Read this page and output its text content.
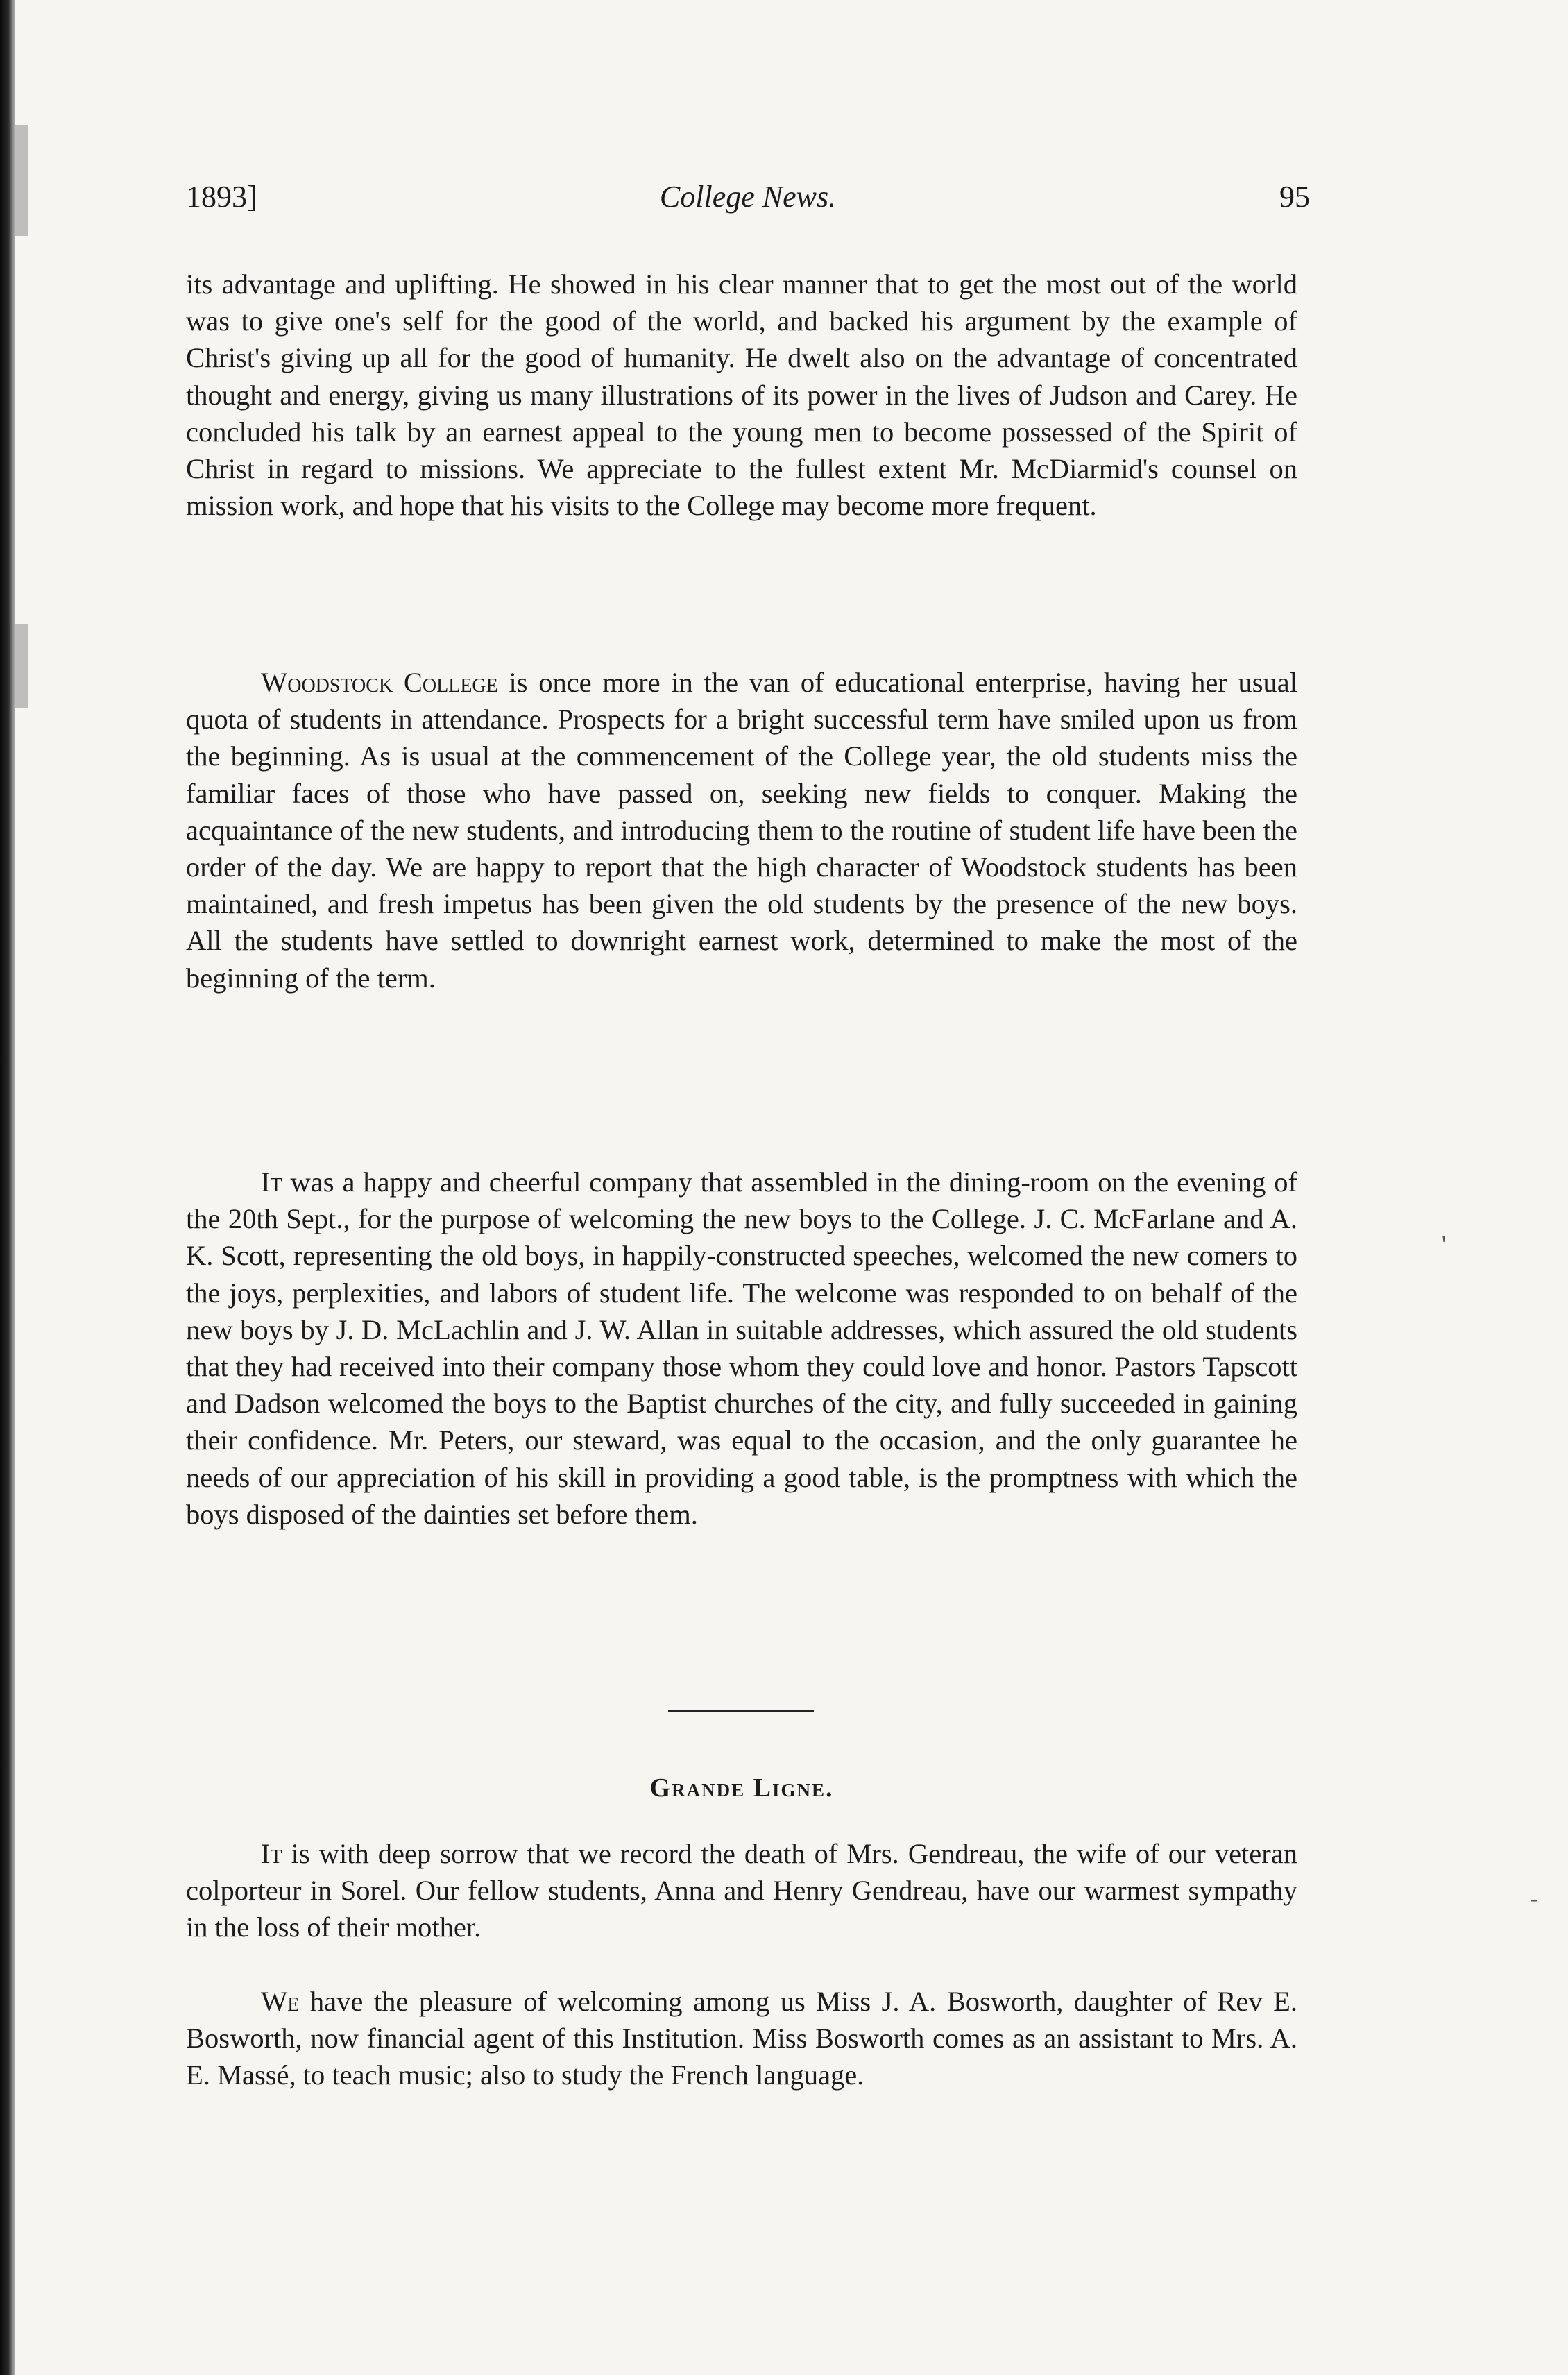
1893]	College News.	95

its advantage and uplifting. He showed in his clear manner that to get the most out of the world was to give one's self for the good of the world, and backed his argument by the example of Christ's giving up all for the good of humanity. He dwelt also on the advantage of concentrated thought and energy, giving us many illustrations of its power in the lives of Judson and Carey. He concluded his talk by an earnest appeal to the young men to become possessed of the Spirit of Christ in regard to missions. We appreciate to the fullest extent Mr. McDiarmid's counsel on mission work, and hope that his visits to the College may become more frequent.

Woodstock College is once more in the van of educational enterprise, having her usual quota of students in attendance. Prospects for a bright successful term have smiled upon us from the beginning. As is usual at the commencement of the College year, the old students miss the familiar faces of those who have passed on, seeking new fields to conquer. Making the acquaintance of the new students, and introducing them to the routine of student life have been the order of the day. We are happy to report that the high character of Woodstock students has been maintained, and fresh impetus has been given the old students by the presence of the new boys. All the students have settled to downright earnest work, determined to make the most of the beginning of the term.

It was a happy and cheerful company that assembled in the dining-room on the evening of the 20th Sept., for the purpose of welcoming the new boys to the College. J. C. McFarlane and A. K. Scott, representing the old boys, in happily-constructed speeches, welcomed the new comers to the joys, perplexities, and labors of student life. The welcome was responded to on behalf of the new boys by J. D. McLachlin and J. W. Allan in suitable addresses, which assured the old students that they had received into their company those whom they could love and honor. Pastors Tapscott and Dadson welcomed the boys to the Baptist churches of the city, and fully succeeded in gaining their confidence. Mr. Peters, our steward, was equal to the occasion, and the only guarantee he needs of our appreciation of his skill in providing a good table, is the promptness with which the boys disposed of the dainties set before them.

Grande Ligne.

It is with deep sorrow that we record the death of Mrs. Gendreau, the wife of our veteran colporteur in Sorel. Our fellow students, Anna and Henry Gendreau, have our warmest sympathy in the loss of their mother.

We have the pleasure of welcoming among us Miss J. A. Bosworth, daughter of Rev E. Bosworth, now financial agent of this Institution. Miss Bosworth comes as an assistant to Mrs. A. E. Massé, to teach music; also to study the French language.

'
-
